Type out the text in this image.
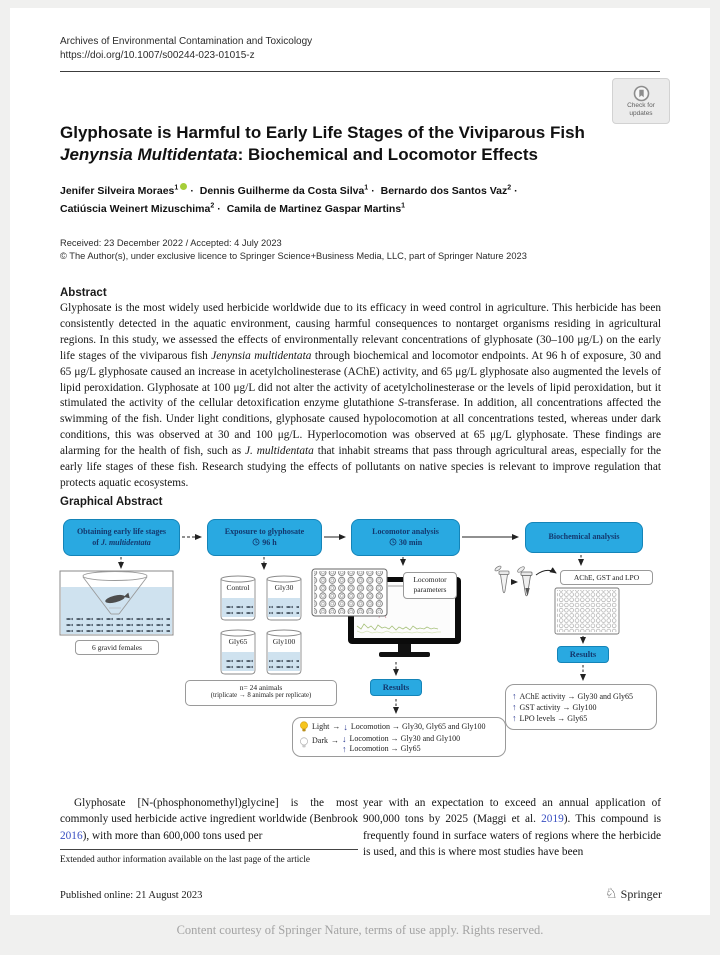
Archives of Environmental Contamination and Toxicology
https://doi.org/10.1007/s00244-023-01015-z
Check for
updates
Glyphosate is Harmful to Early Life Stages of the Viviparous Fish
Jenynsia Multidentata: Biochemical and Locomotor Effects
Jenifer Silveira Moraes$^1$ · Dennis Guilherme da Costa Silva$^1$ · Bernardo dos Santos Vaz$^2$ ·
Catiúscia Weinert Mizuschima$^2$ · Camila de Martinez Gaspar Martins$^1$
Received: 23 December 2022 / Accepted: 4 July 2023
© The Author(s), under exclusive licence to Springer Science+Business Media, LLC, part of Springer Nature 2023
Abstract

Glyphosate is the most widely used herbicide worldwide due to its efficacy in weed control in agriculture. This herbicide has been consistently detected in the aquatic environment, causing harmful consequences to nontarget organisms residing in agricultural regions. In this study, we assessed the effects of environmentally relevant concentrations of glyphosate (30–100 μg/L) on the early life stages of the viviparous fish Jenynsia multidentata through biochemical and locomotor endpoints. At 96 h of exposure, 30 and 65 μg/L glyphosate caused an increase in acetylcholinesterase (AChE) activity, and 65 μg/L glyphosate also augmented the levels of lipid peroxidation. Glyphosate at 100 μg/L did not alter the activity of acetylcholinesterase or the levels of lipid peroxidation, but it stimulated the activity of the cellular detoxification enzyme glutathione S-transferase. In addition, all concentrations affected the swimming of the fish. Under light conditions, glyphosate caused hypolocomotion at all concentrations tested, whereas under dark conditions, this was observed at 30 and 100 μg/L. Hyperlocomotion was observed at 65 μg/L glyphosate. These findings are alarming for the health of fish, such as J. multidentata that inhabit streams that pass through agricultural areas, especially for the early life stages of these fish. Research studying the effects of pollutants on native species is relevant to improve regulation that protects aquatic ecosystems.

Graphical Abstract
Obtaining early life stages
of J. multidentata
Exposure to glyphosate
96 h
Locomotor analysis
30 min
Biochemical analysis
6 gravid females
Control	Gly30
Gly65	Gly100
n= 24 animals
(triplicate → 8 animals per replicate)
Locomotor
parameters
AChE, GST and LPO
Results
Results
Light → ↓ Locomotion → Gly30, Gly65 and Gly100
Dark → ↓ Locomotion → Gly30 and Gly100
↑ Locomotion → Gly65
↑ AChE activity → Gly30 and Gly65
↑ GST activity → Gly100
↑ LPO levels → Gly65

Glyphosate [N-(phosphonomethyl)glycine] is the most commonly used herbicide active ingredient worldwide (Benbrook 2016), with more than 600,000 tons used per

Extended author information available on the last page of the article

year with an expectation to exceed an annual application of 900,000 tons by 2025 (Maggi et al. 2019). This compound is frequently found in surface waters of regions where the herbicide is used, and this is where most studies have been

Published online: 21 August 2023	♘ Springer
Content courtesy of Springer Nature, terms of use apply. Rights reserved.
